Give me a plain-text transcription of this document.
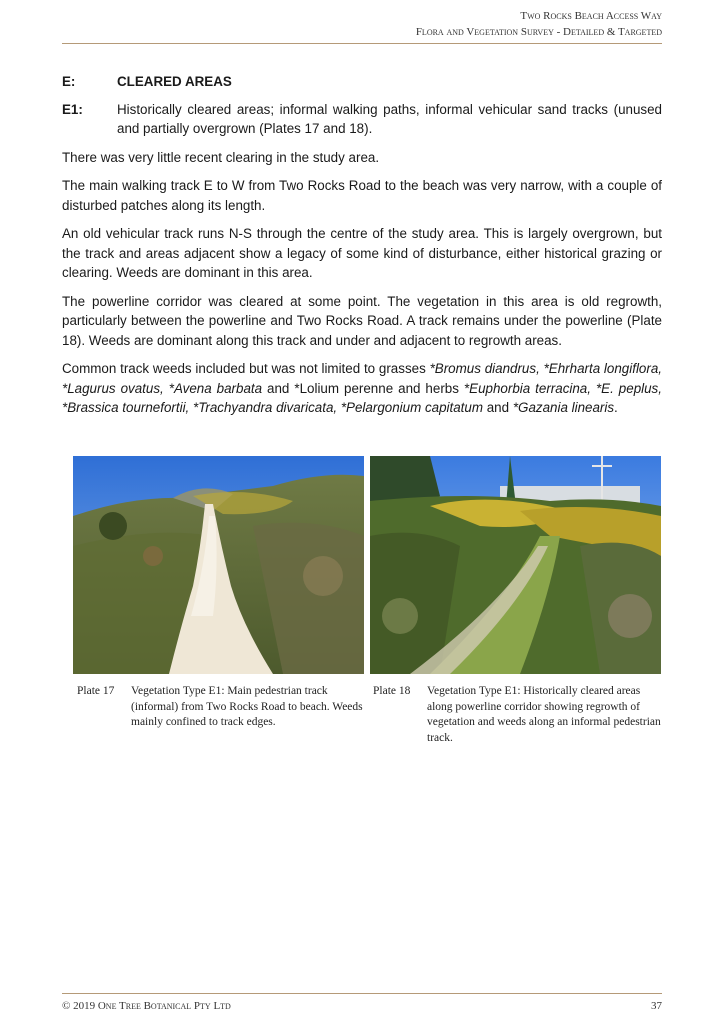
Two Rocks Beach Access Way
Flora and Vegetation Survey - Detailed & Targeted
E:	CLEARED AREAS
E1:	Historically cleared areas; informal walking paths, informal vehicular sand tracks (unused and partially overgrown (Plates 17 and 18).

There was very little recent clearing in the study area.

The main walking track E to W from Two Rocks Road to the beach was very narrow, with a couple of disturbed patches along its length.

An old vehicular track runs N-S through the centre of the study area. This is largely overgrown, but the track and areas adjacent show a legacy of some kind of disturbance, either historical grazing or clearing. Weeds are dominant in this area.

The powerline corridor was cleared at some point. The vegetation in this area is old regrowth, particularly between the powerline and Two Rocks Road. A track remains under the powerline (Plate 18). Weeds are dominant along this track and under and adjacent to regrowth areas.

Common track weeds included but was not limited to grasses *Bromus diandrus, *Ehrharta longiflora, *Lagurus ovatus, *Avena barbata and *Lolium perenne and herbs *Euphorbia terracina, *E. peplus, *Brassica tournefortii, *Trachyandra divaricata, *Pelargonium capitatum and *Gazania linearis.

Plate 17	Vegetation Type E1: Main pedestrian track (informal) from Two Rocks Road to beach. Weeds mainly confined to track edges.
Plate 18	Vegetation Type E1: Historically cleared areas along powerline corridor showing regrowth of vegetation and weeds along an informal pedestrian track.
© 2019 One Tree Botanical Pty Ltd	37
